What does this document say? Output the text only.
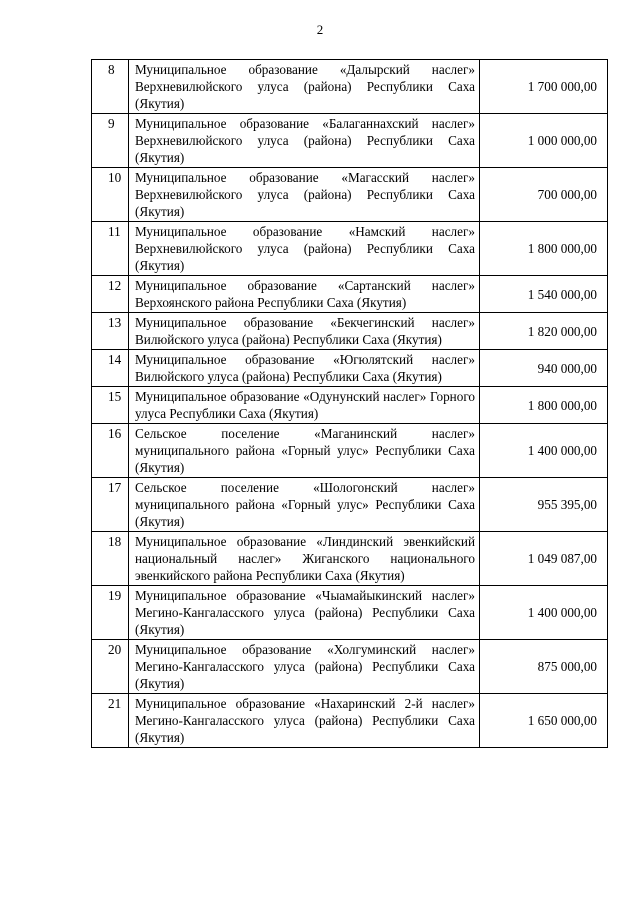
2
8	Муниципальное образование «Далырский наслег» Верхневилюйского улуса (района) Республики Саха (Якутия)	1 700 000,00
9	Муниципальное образование «Балаганнахский наслег» Верхневилюйского улуса (района) Республики Саха (Якутия)	1 000 000,00
10	Муниципальное образование «Магасский наслег» Верхневилюйского улуса (района) Республики Саха (Якутия)	700 000,00
11	Муниципальное образование «Намский наслег» Верхневилюйского улуса (района) Республики Саха (Якутия)	1 800 000,00
12	Муниципальное образование «Сартанский наслег» Верхоянского района Республики Саха (Якутия)	1 540 000,00
13	Муниципальное образование «Бекчегинский наслег» Вилюйского улуса (района) Республики Саха (Якутия)	1 820 000,00
14	Муниципальное образование «Югюлятский наслег» Вилюйского улуса (района) Республики Саха (Якутия)	940 000,00
15	Муниципальное образование «Одунунский наслег» Горного улуса Республики Саха (Якутия)	1 800 000,00
16	Сельское поселение «Маганинский наслег» муниципального района «Горный улус» Республики Саха (Якутия)	1 400 000,00
17	Сельское поселение «Шологонский наслег» муниципального района «Горный улус» Республики Саха (Якутия)	955 395,00
18	Муниципальное образование «Линдинский эвенкийский национальный наслег» Жиганского национального эвенкийского района Республики Саха (Якутия)	1 049 087,00
19	Муниципальное образование «Чыамайыкинский наслег» Мегино-Кангаласского улуса (района) Республики Саха (Якутия)	1 400 000,00
20	Муниципальное образование «Холгуминский наслег» Мегино-Кангаласского улуса (района) Республики Саха (Якутия)	875 000,00
21	Муниципальное образование «Нахаринский 2-й наслег» Мегино-Кангаласского улуса (района) Республики Саха (Якутия)	1 650 000,00
